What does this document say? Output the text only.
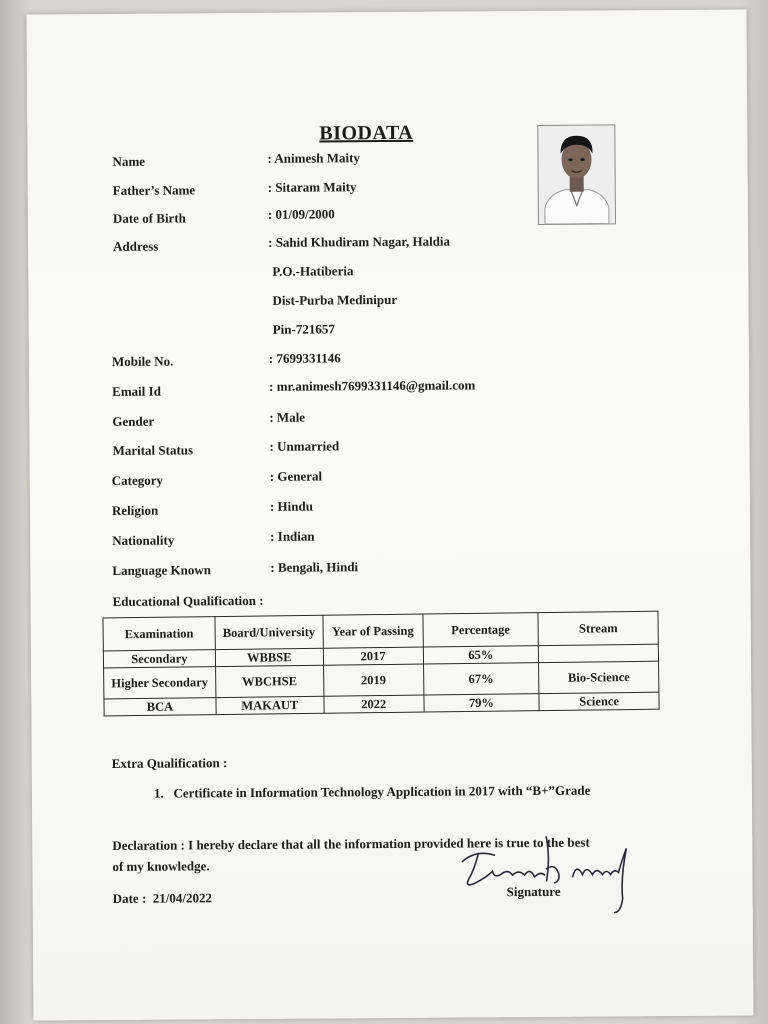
BIODATA
Name	: Animesh Maity
Father’s Name	: Sitaram Maity
Date of Birth	: 01/09/2000
Address	: Sahid Khudiram Nagar, Haldia
P.O.-Hatiberia
Dist-Purba Medinipur
Pin-721657
Mobile No.	: 7699331146
Email Id	: mr.animesh7699331146@gmail.com
Gender	: Male
Marital Status	: Unmarried
Category	: General
Religion	: Hindu
Nationality	: Indian
Language Known	: Bengali, Hindi
Educational Qualification :
Examination	Board/University	Year of Passing	Percentage	Stream
Secondary	WBBSE	2017	65%	
Higher Secondary	WBCHSE	2019	67%	Bio-Science
BCA	MAKAUT	2022	79%	Science
Extra Qualification :
1.   Certificate in Information Technology Application in 2017 with “B+”Grade
Declaration : I hereby declare that all the information provided here is true to the best
of my knowledge.
Date :  21/04/2022	Signature
